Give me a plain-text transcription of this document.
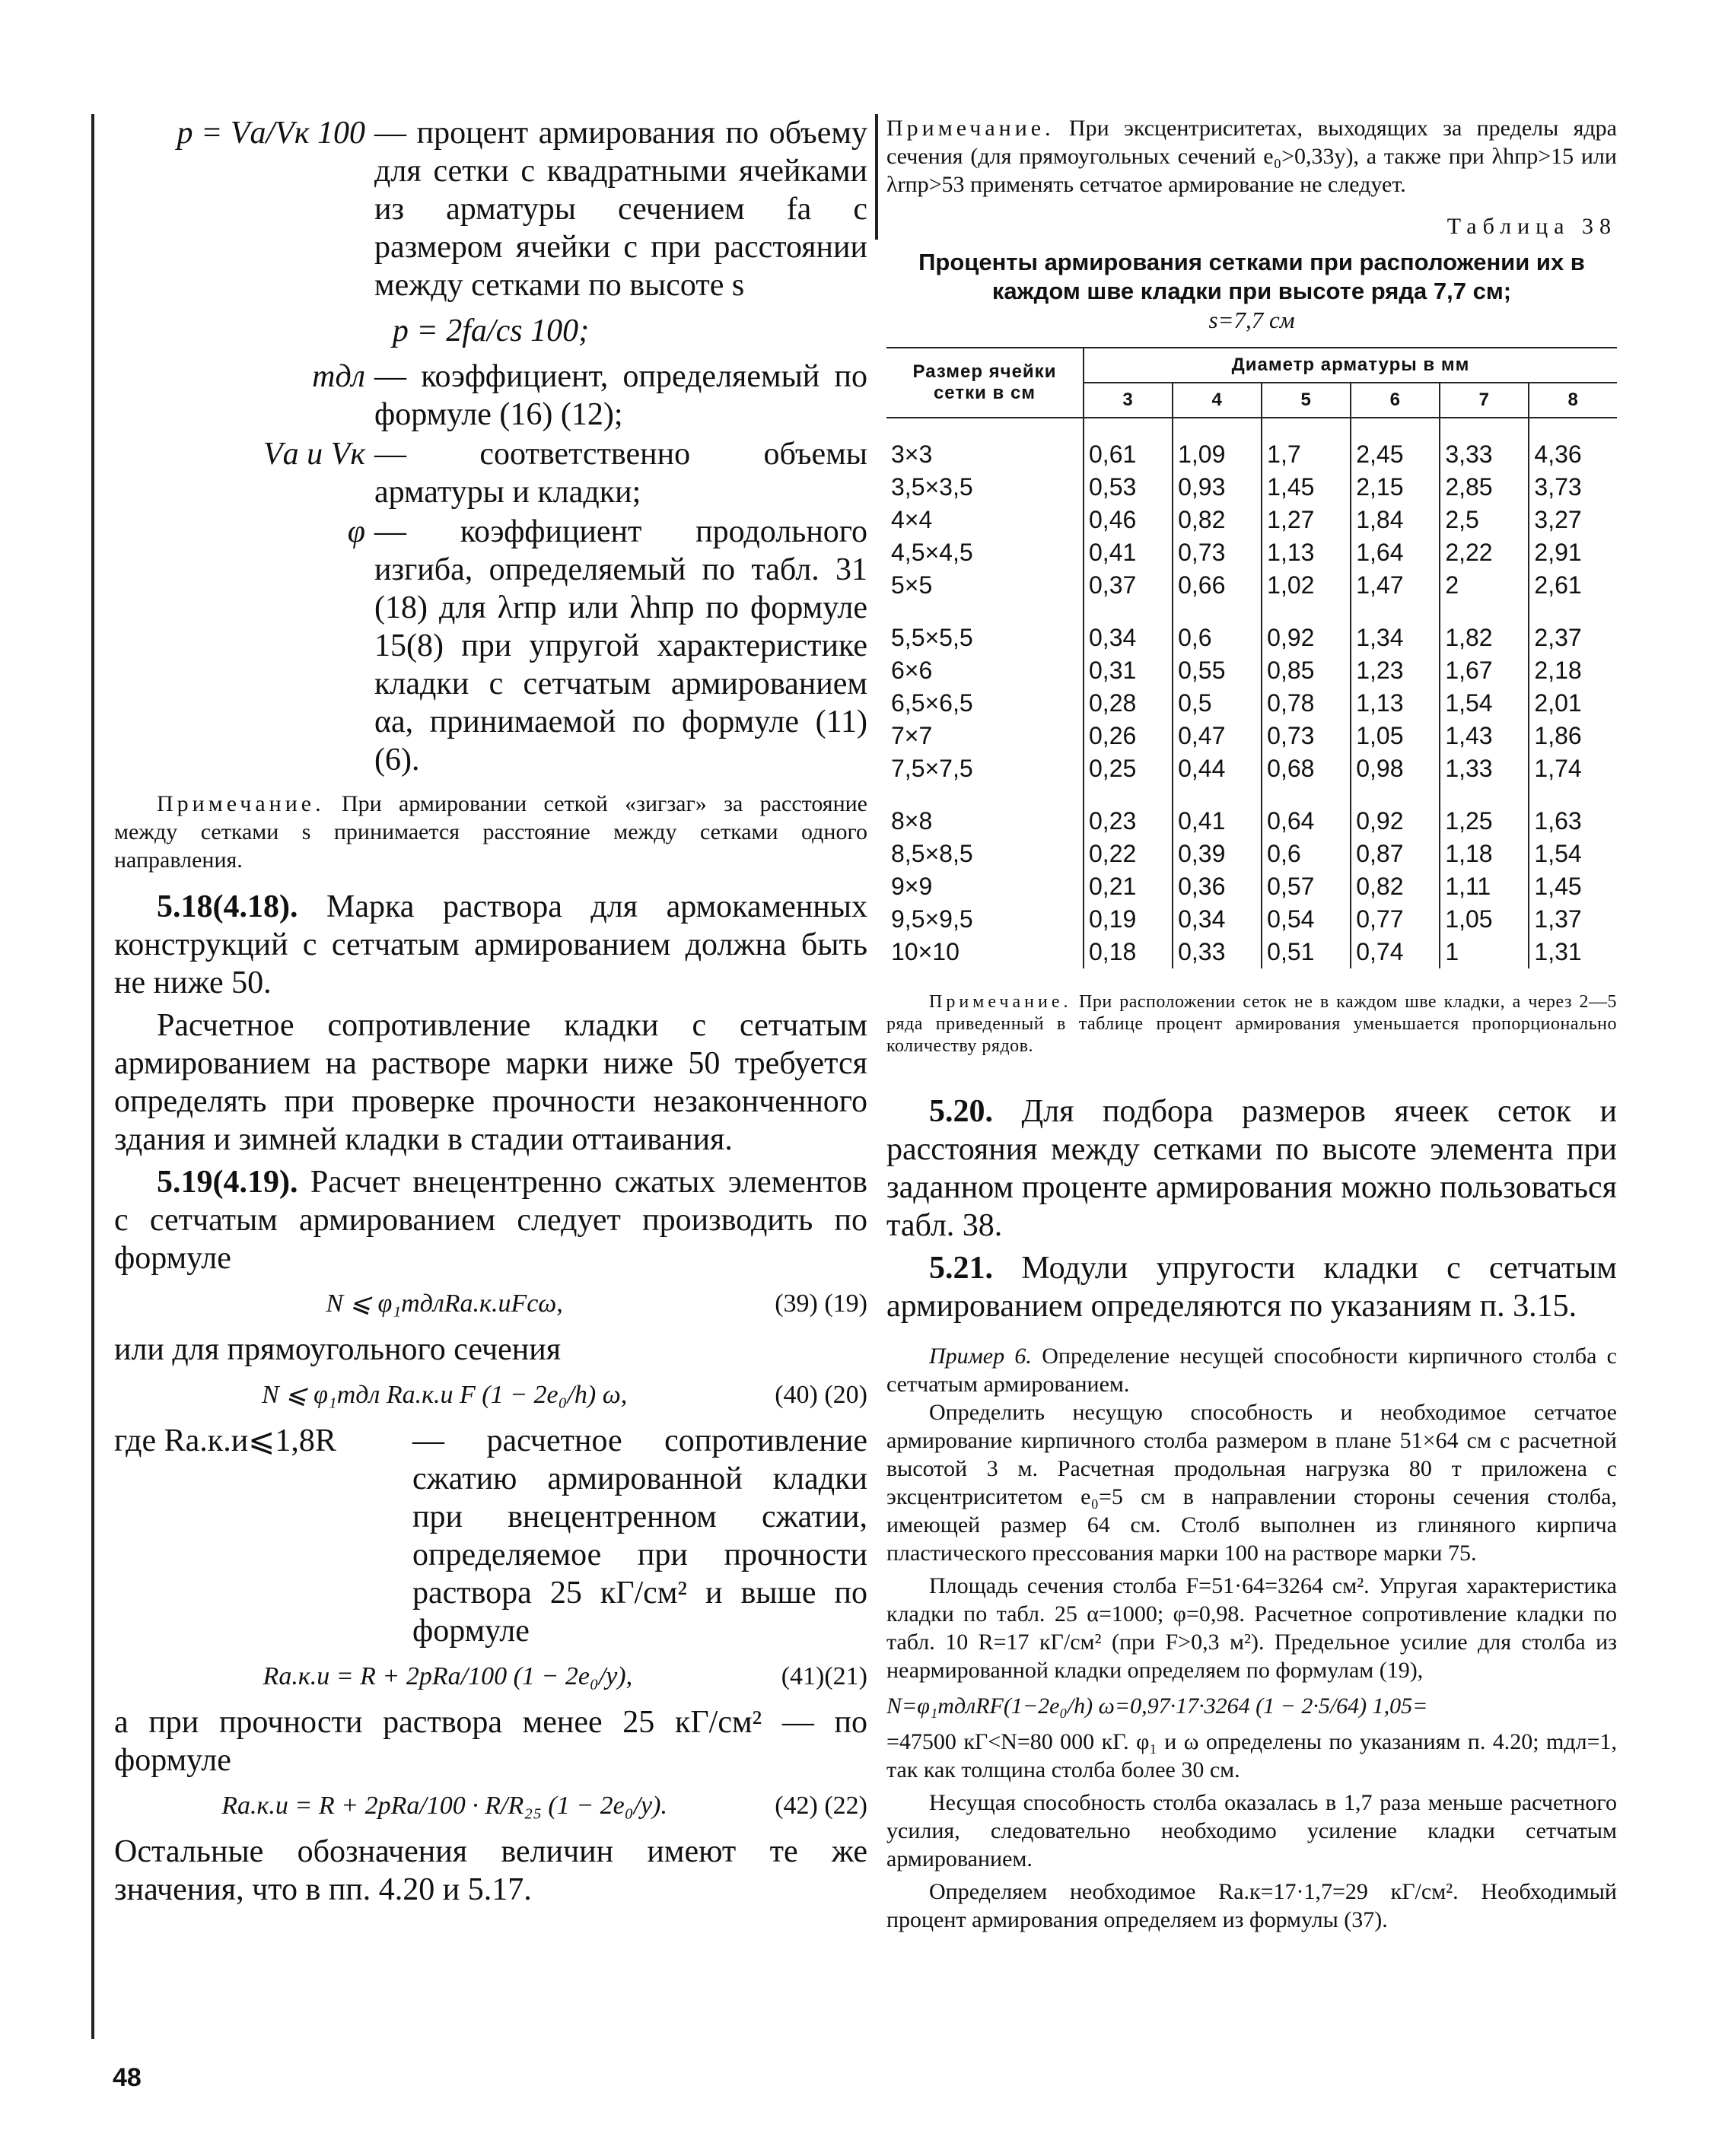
p = Vа/Vк 100 — процент армирования по объему для сетки с квадратными ячейками из арматуры сечением fа с размером ячейки c при расстоянии между сетками по высоте s
p = 2fа/cs 100;
mдл — коэффициент, определяемый по формуле (16) (12);
Vа и Vк — соответственно объемы арматуры и кладки;
φ — коэффициент продольного изгиба, определяемый по табл. 31 (18) для λrпр или λhпр по формуле 15(8) при упругой характеристике кладки с сетчатым армированием αа, принимаемой по формуле (11) (6).

Примечание. При армировании сеткой «зигзаг» за расстояние между сетками s принимается расстояние между сетками одного направления.

5.18(4.18). Марка раствора для армокаменных конструкций с сетчатым армированием должна быть не ниже 50.

Расчетное сопротивление кладки с сетчатым армированием на растворе марки ниже 50 требуется определять при проверке прочности незаконченного здания и зимней кладки в стадии оттаивания.

5.19(4.19). Расчет внецентренно сжатых элементов с сетчатым армированием следует производить по формуле

N ⩽ φ₁mдлRа.к.иFcω,	(39) (19)

или для прямоугольного сечения

N ⩽ φ₁mдл Rа.к.и F (1 − 2e₀/h) ω,	(40) (20)
где Rа.к.и⩽1,8R	— расчетное сопротивление сжатию армированной кладки при внецентренном сжатии, определяемое при прочности раствора 25 кГ/см² и выше по формуле
Rа.к.и = R + 2pRа/100 (1 − 2e₀/y),	(41)(21)

а при прочности раствора менее 25 кГ/см² — по формуле

Rа.к.и = R + 2pRа/100 · R/R₂₅ (1 − 2e₀/y).	(42) (22)

Остальные обозначения величин имеют те же значения, что в пп. 4.20 и 5.17.

Примечание. При эксцентриситетах, выходящих за пределы ядра сечения (для прямоугольных сечений e₀>0,33y), а также при λhпр>15 или λrпр>53 применять сетчатое армирование не следует.

Таблица 38
Проценты армирования сетками при расположении их в каждом шве кладки при высоте ряда 7,7 см;
s=7,7 см
Размер ячейки сетки в см	Диаметр арматуры в мм					
	3	4	5	6	7	8

3×3	0,61	1,09	1,7	2,45	3,33	4,36
3,5×3,5	0,53	0,93	1,45	2,15	2,85	3,73
4×4	0,46	0,82	1,27	1,84	2,5	3,27
4,5×4,5	0,41	0,73	1,13	1,64	2,22	2,91
5×5	0,37	0,66	1,02	1,47	2	2,61

5,5×5,5	0,34	0,6	0,92	1,34	1,82	2,37
6×6	0,31	0,55	0,85	1,23	1,67	2,18
6,5×6,5	0,28	0,5	0,78	1,13	1,54	2,01
7×7	0,26	0,47	0,73	1,05	1,43	1,86
7,5×7,5	0,25	0,44	0,68	0,98	1,33	1,74

8×8	0,23	0,41	0,64	0,92	1,25	1,63
8,5×8,5	0,22	0,39	0,6	0,87	1,18	1,54
9×9	0,21	0,36	0,57	0,82	1,11	1,45
9,5×9,5	0,19	0,34	0,54	0,77	1,05	1,37
10×10	0,18	0,33	0,51	0,74	1	1,31

Примечание. При расположении сеток не в каждом шве кладки, а через 2—5 ряда приведенный в таблице процент армирования уменьшается пропорционально количеству рядов.

5.20. Для подбора размеров ячеек сеток и расстояния между сетками по высоте элемента при заданном проценте армирования можно пользоваться табл. 38.

5.21. Модули упругости кладки с сетчатым армированием определяются по указаниям п. 3.15.

Пример 6. Определение несущей способности кирпичного столба с сетчатым армированием.

Определить несущую способность и необходимое сетчатое армирование кирпичного столба размером в плане 51×64 см с расчетной высотой 3 м. Расчетная продольная нагрузка 80 т приложена с эксцентриситетом e₀=5 см в направлении стороны сечения столба, имеющей размер 64 см. Столб выполнен из глиняного кирпича пластического прессования марки 100 на растворе марки 75.

Площадь сечения столба F=51·64=3264 см². Упругая характеристика кладки по табл. 25 α=1000; φ=0,98. Расчетное сопротивление кладки по табл. 10 R=17 кГ/см² (при F>0,3 м²). Предельное усилие для столба из неармированной кладки определяем по формулам (19),

N=φ₁mдлRF(1−2e₀/h) ω=0,97·17·3264 (1 − 2·5/64) 1,05=

=47500 кГ<N=80 000 кГ. φ₁ и ω определены по указаниям п. 4.20; mдл=1, так как толщина столба более 30 см.

Несущая способность столба оказалась в 1,7 раза меньше расчетного усилия, следовательно необходимо усиление кладки сетчатым армированием.

Определяем необходимое Rа.к=17·1,7=29 кГ/см². Необходимый процент армирования определяем из формулы (37).

48
